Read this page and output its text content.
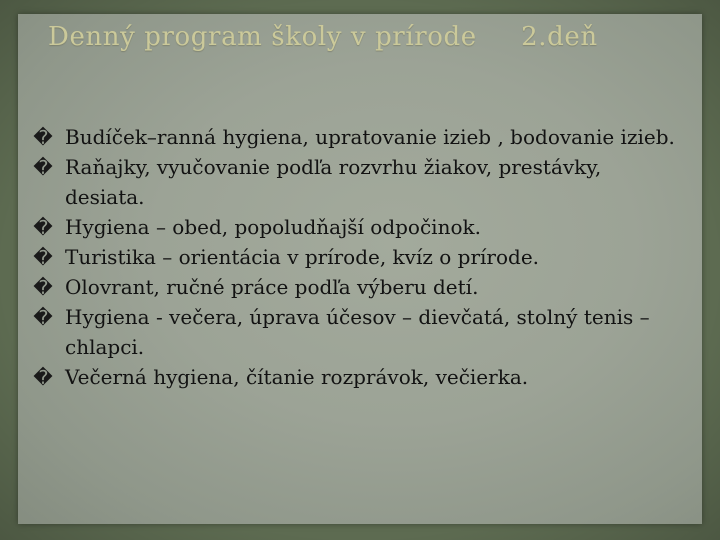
Denný program školy v prírode     2.deň
� Budíček–ranná hygiena, upratovanie izieb , bodovanie izieb.
� Raňajky, vyučovanie podľa rozvrhu žiakov, prestávky, desiata.
� Hygiena – obed, popoludňajší odpočinok.
� Turistika – orientácia v prírode, kvíz o prírode.
� Olovrant, ručné práce podľa výberu detí.
� Hygiena - večera, úprava účesov – dievčatá, stolný tenis – chlapci.
� Večerná hygiena, čítanie rozprávok, večierka.
